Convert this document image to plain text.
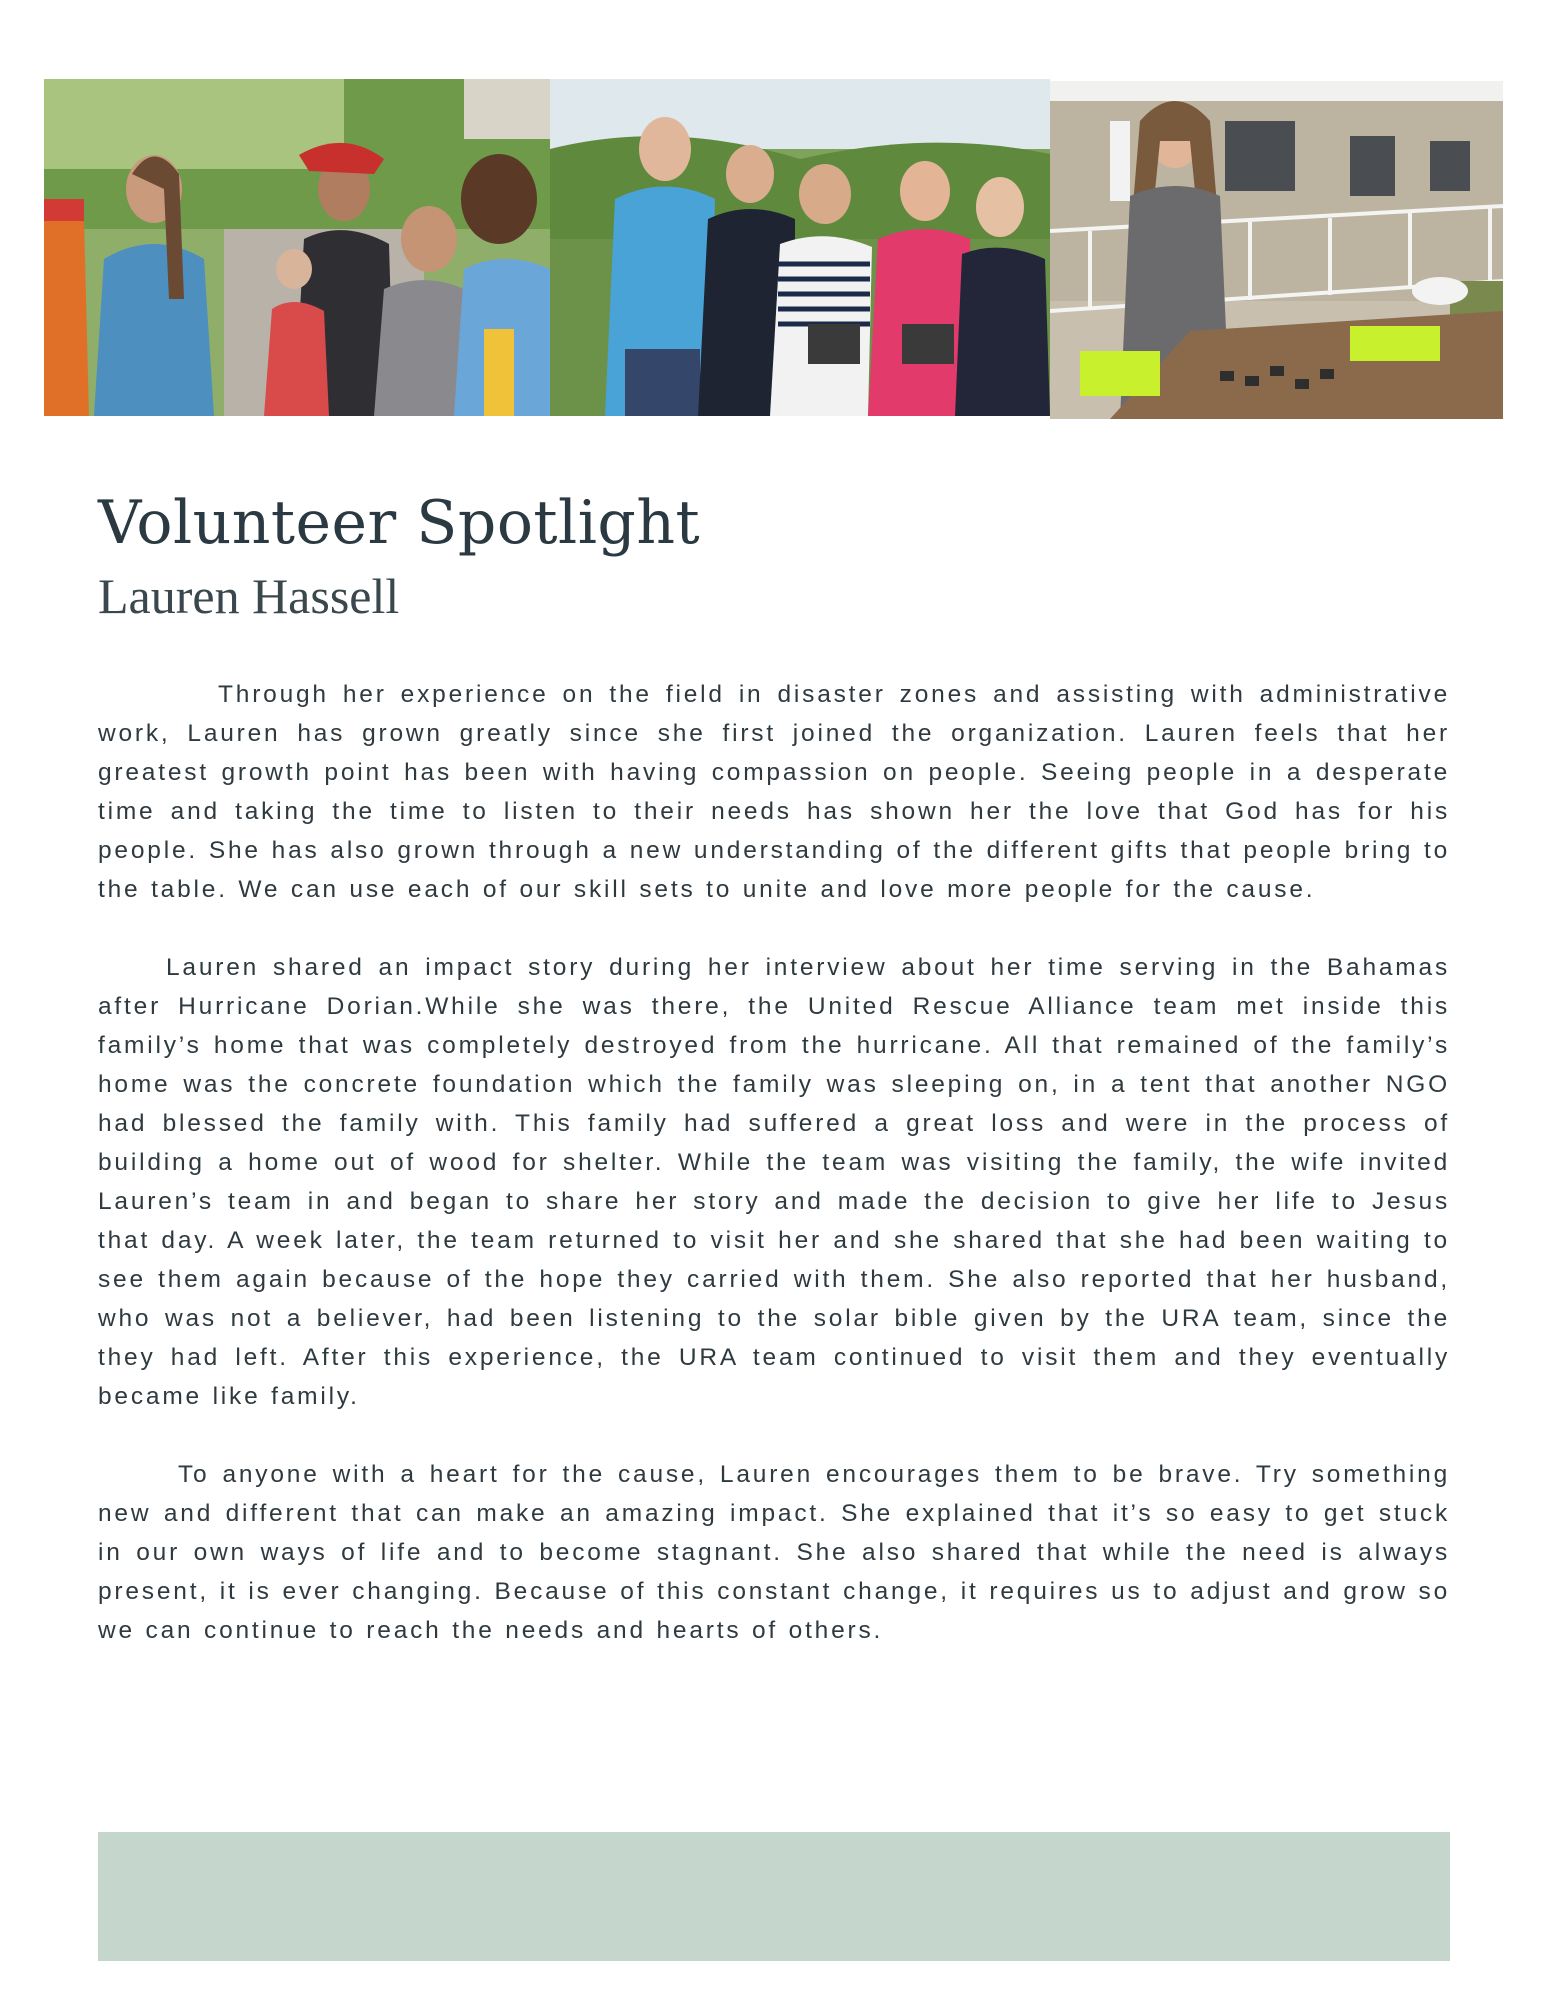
Volunteer Spotlight
Lauren Hassell

Through her experience on the field in disaster zones and assisting with administrative work, Lauren has grown greatly since she first joined the organization. Lauren feels that her greatest growth point has been with having compassion on people. Seeing people in a desperate time and taking the time to listen to their needs has shown her the love that God has for his people. She has also grown through a new understanding of the different gifts that people bring to the table. We can use each of our skill sets to unite and love more people for the cause.

Lauren shared an impact story during her interview about her time serving in the Bahamas after Hurricane Dorian.While she was there, the United Rescue Alliance team met inside this family’s home that was completely destroyed from the hurricane. All that remained of the family’s home was the concrete foundation which the family was sleeping on, in a tent that another NGO had blessed the family with. This family had suffered a great loss and were in the process of building a home out of wood for shelter. While the team was visiting the family, the wife invited Lauren’s team in and began to share her story and made the decision to give her life to Jesus that day. A week later, the team returned to visit her and she shared that she had been waiting to see them again because of the hope they carried with them. She also reported that her husband, who was not a believer, had been listening to the solar bible given by the URA team, since the they had left. After this experience, the URA team continued to visit them and they eventually became like family.

To anyone with a heart for the cause, Lauren encourages them to be brave. Try something new and different that can make an amazing impact. She explained that it’s so easy to get stuck in our own ways of life and to become stagnant. She also shared that while the need is always present, it is ever changing. Because of this constant change, it requires us to adjust and grow so we can continue to reach the needs and hearts of others.
